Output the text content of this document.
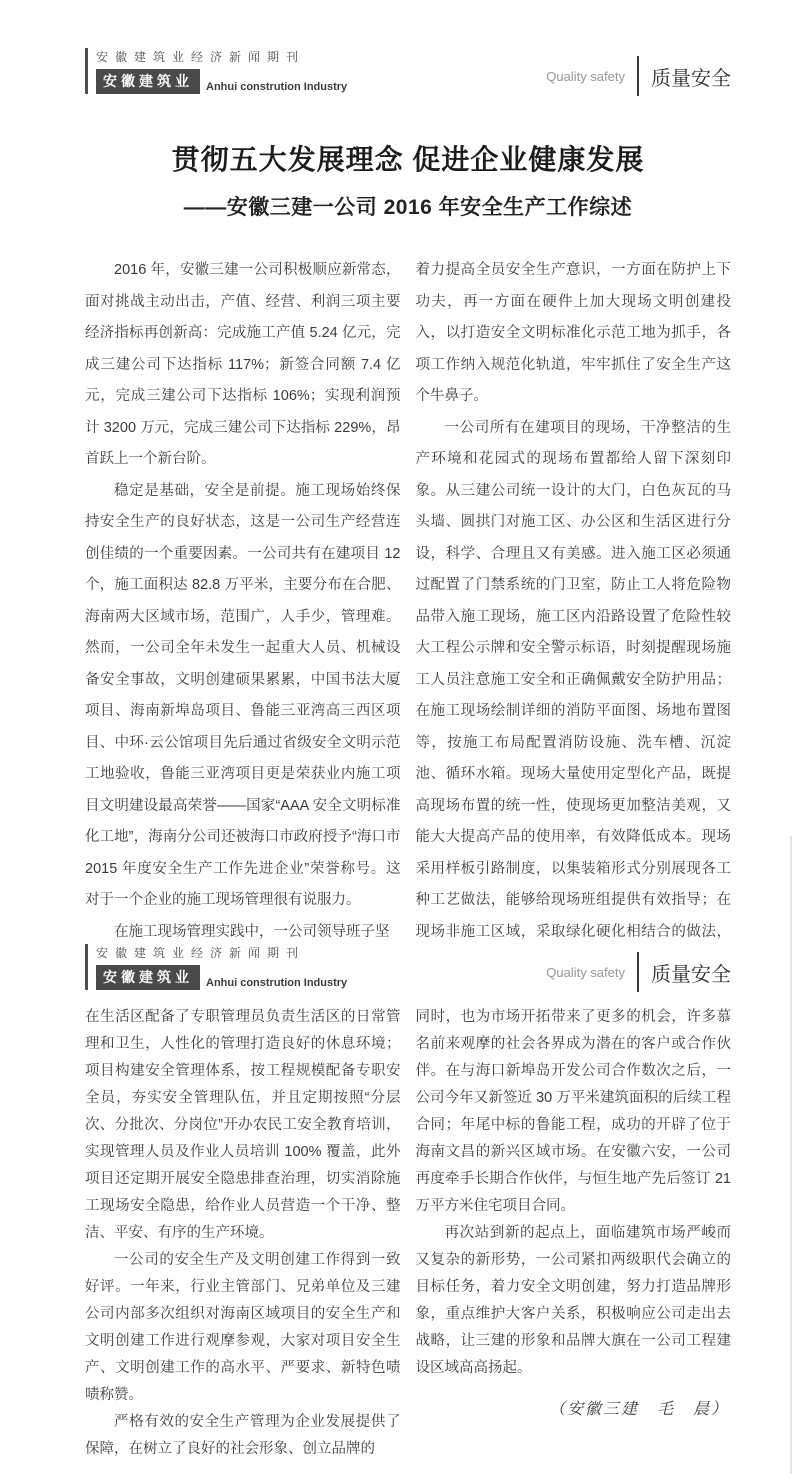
安徽建筑业经济新闻期刊
安徽建筑业	Anhui constrution Industry
Quality safety 质量安全
贯彻五大发展理念 促进企业健康发展
——安徽三建一公司 2016 年安全生产工作综述

2016 年，安徽三建一公司积极顺应新常态，面对挑战主动出击，产值、经营、利润三项主要经济指标再创新高：完成施工产值 5.24 亿元，完成三建公司下达指标 117%；新签合同额 7.4 亿元，完成三建公司下达指标 106%；实现利润预计 3200 万元，完成三建公司下达指标 229%，昂首跃上一个新台阶。

稳定是基础，安全是前提。施工现场始终保持安全生产的良好状态，这是一公司生产经营连创佳绩的一个重要因素。一公司共有在建项目 12 个，施工面积达 82.8 万平米，主要分布在合肥、海南两大区域市场，范围广，人手少，管理难。然而，一公司全年未发生一起重大人员、机械设备安全事故，文明创建硕果累累，中国书法大厦项目、海南新埠岛项目、鲁能三亚湾高三西区项目、中环·云公馆项目先后通过省级安全文明示范工地验收，鲁能三亚湾项目更是荣获业内施工项目文明建设最高荣誉——国家“AAA 安全文明标准化工地”，海南分公司还被海口市政府授予“海口市 2015 年度安全生产工作先进企业”荣誉称号。这对于一个企业的施工现场管理很有说服力。

在施工现场管理实践中，一公司领导班子坚

着力提高全员安全生产意识，一方面在防护上下功夫，再一方面在硬件上加大现场文明创建投入，以打造安全文明标准化示范工地为抓手，各项工作纳入规范化轨道，牢牢抓住了安全生产这个牛鼻子。

一公司所有在建项目的现场，干净整洁的生产环境和花园式的现场布置都给人留下深刻印象。从三建公司统一设计的大门，白色灰瓦的马头墙、圆拱门对施工区、办公区和生活区进行分设，科学、合理且又有美感。进入施工区必须通过配置了门禁系统的门卫室，防止工人将危险物品带入施工现场，施工区内沿路设置了危险性较大工程公示牌和安全警示标语，时刻提醒现场施工人员注意施工安全和正确佩戴安全防护用品；在施工现场绘制详细的消防平面图、场地布置图等，按施工布局配置消防设施、洗车槽、沉淀池、循环水箱。现场大量使用定型化产品，既提高现场布置的统一性，使现场更加整洁美观，又能大大提高产品的使用率，有效降低成本。现场采用样板引路制度，以集装箱形式分别展现各工种工艺做法，能够给现场班组提供有效指导；在现场非施工区域，采取绿化硬化相结合的做法，

安徽建筑业经济新闻期刊
安徽建筑业	Anhui constrution Industry
Quality safety 质量安全

在生活区配备了专职管理员负责生活区的日常管理和卫生，人性化的管理打造良好的休息环境；项目构建安全管理体系，按工程规模配备专职安全员，夯实安全管理队伍，并且定期按照“分层次、分批次、分岗位”开办农民工安全教育培训，实现管理人员及作业人员培训 100% 覆盖，此外项目还定期开展安全隐患排查治理，切实消除施工现场安全隐患，给作业人员营造一个干净、整洁、平安、有序的生产环境。

一公司的安全生产及文明创建工作得到一致好评。一年来，行业主管部门、兄弟单位及三建公司内部多次组织对海南区域项目的安全生产和文明创建工作进行观摩参观，大家对项目安全生产、文明创建工作的高水平、严要求、新特色啧啧称赞。

严格有效的安全生产管理为企业发展提供了保障，在树立了良好的社会形象、创立品牌的

同时，也为市场开拓带来了更多的机会，许多慕名前来观摩的社会各界成为潜在的客户或合作伙伴。在与海口新埠岛开发公司合作数次之后，一公司今年又新签近 30 万平米建筑面积的后续工程合同；年尾中标的鲁能工程，成功的开辟了位于海南文昌的新兴区域市场。在安徽六安，一公司再度牵手长期合作伙伴，与恒生地产先后签订 21 万平方米住宅项目合同。

再次站到新的起点上，面临建筑市场严峻而又复杂的新形势，一公司紧扣两级职代会确立的目标任务，着力安全文明创建，努力打造品牌形象，重点维护大客户关系，积极响应公司走出去战略，让三建的形象和品牌大旗在一公司工程建设区域高高扬起。

（安徽三建　毛　晨）
